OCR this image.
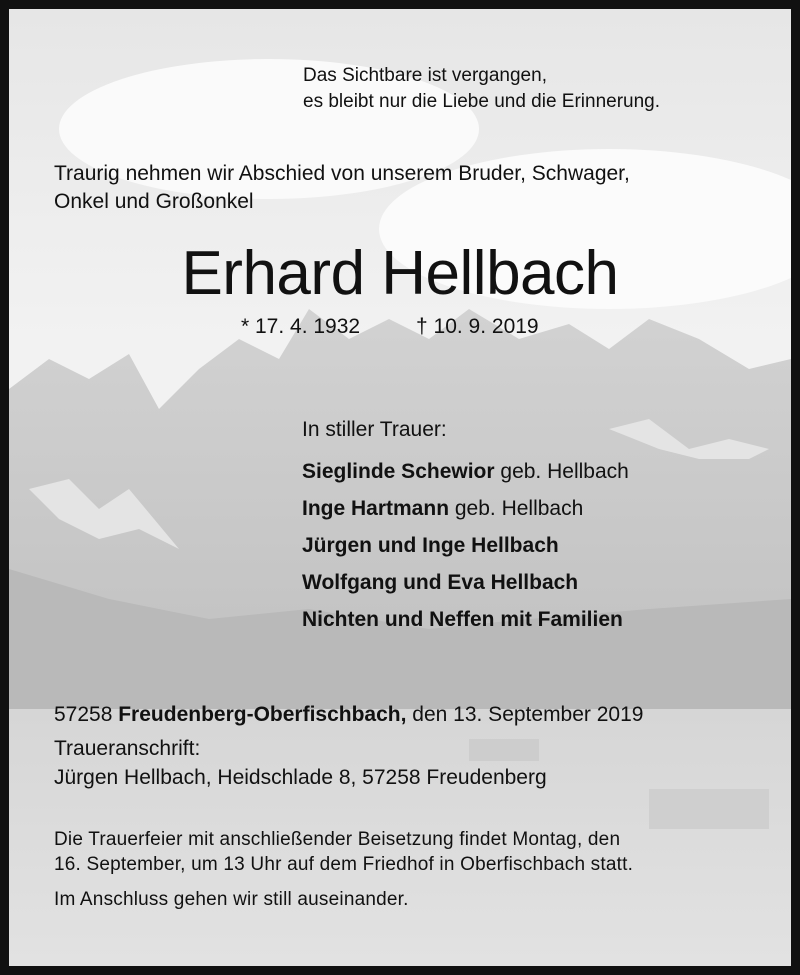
Das Sichtbare ist vergangen,
es bleibt nur die Liebe und die Erinnerung.
Traurig nehmen wir Abschied von unserem Bruder, Schwager,
Onkel und Großonkel
Erhard Hellbach
* 17. 4. 1932	† 10. 9. 2019
In stiller Trauer:
Sieglinde Schewior geb. Hellbach
Inge Hartmann geb. Hellbach
Jürgen und Inge Hellbach
Wolfgang und Eva Hellbach
Nichten und Neffen mit Familien
57258 Freudenberg-Oberfischbach, den 13. September 2019
Traueranschrift:
Jürgen Hellbach, Heidschlade 8, 57258 Freudenberg
Die Trauerfeier mit anschließender Beisetzung findet Montag, den
16. September, um 13 Uhr auf dem Friedhof in Oberfischbach statt.
Im Anschluss gehen wir still auseinander.
